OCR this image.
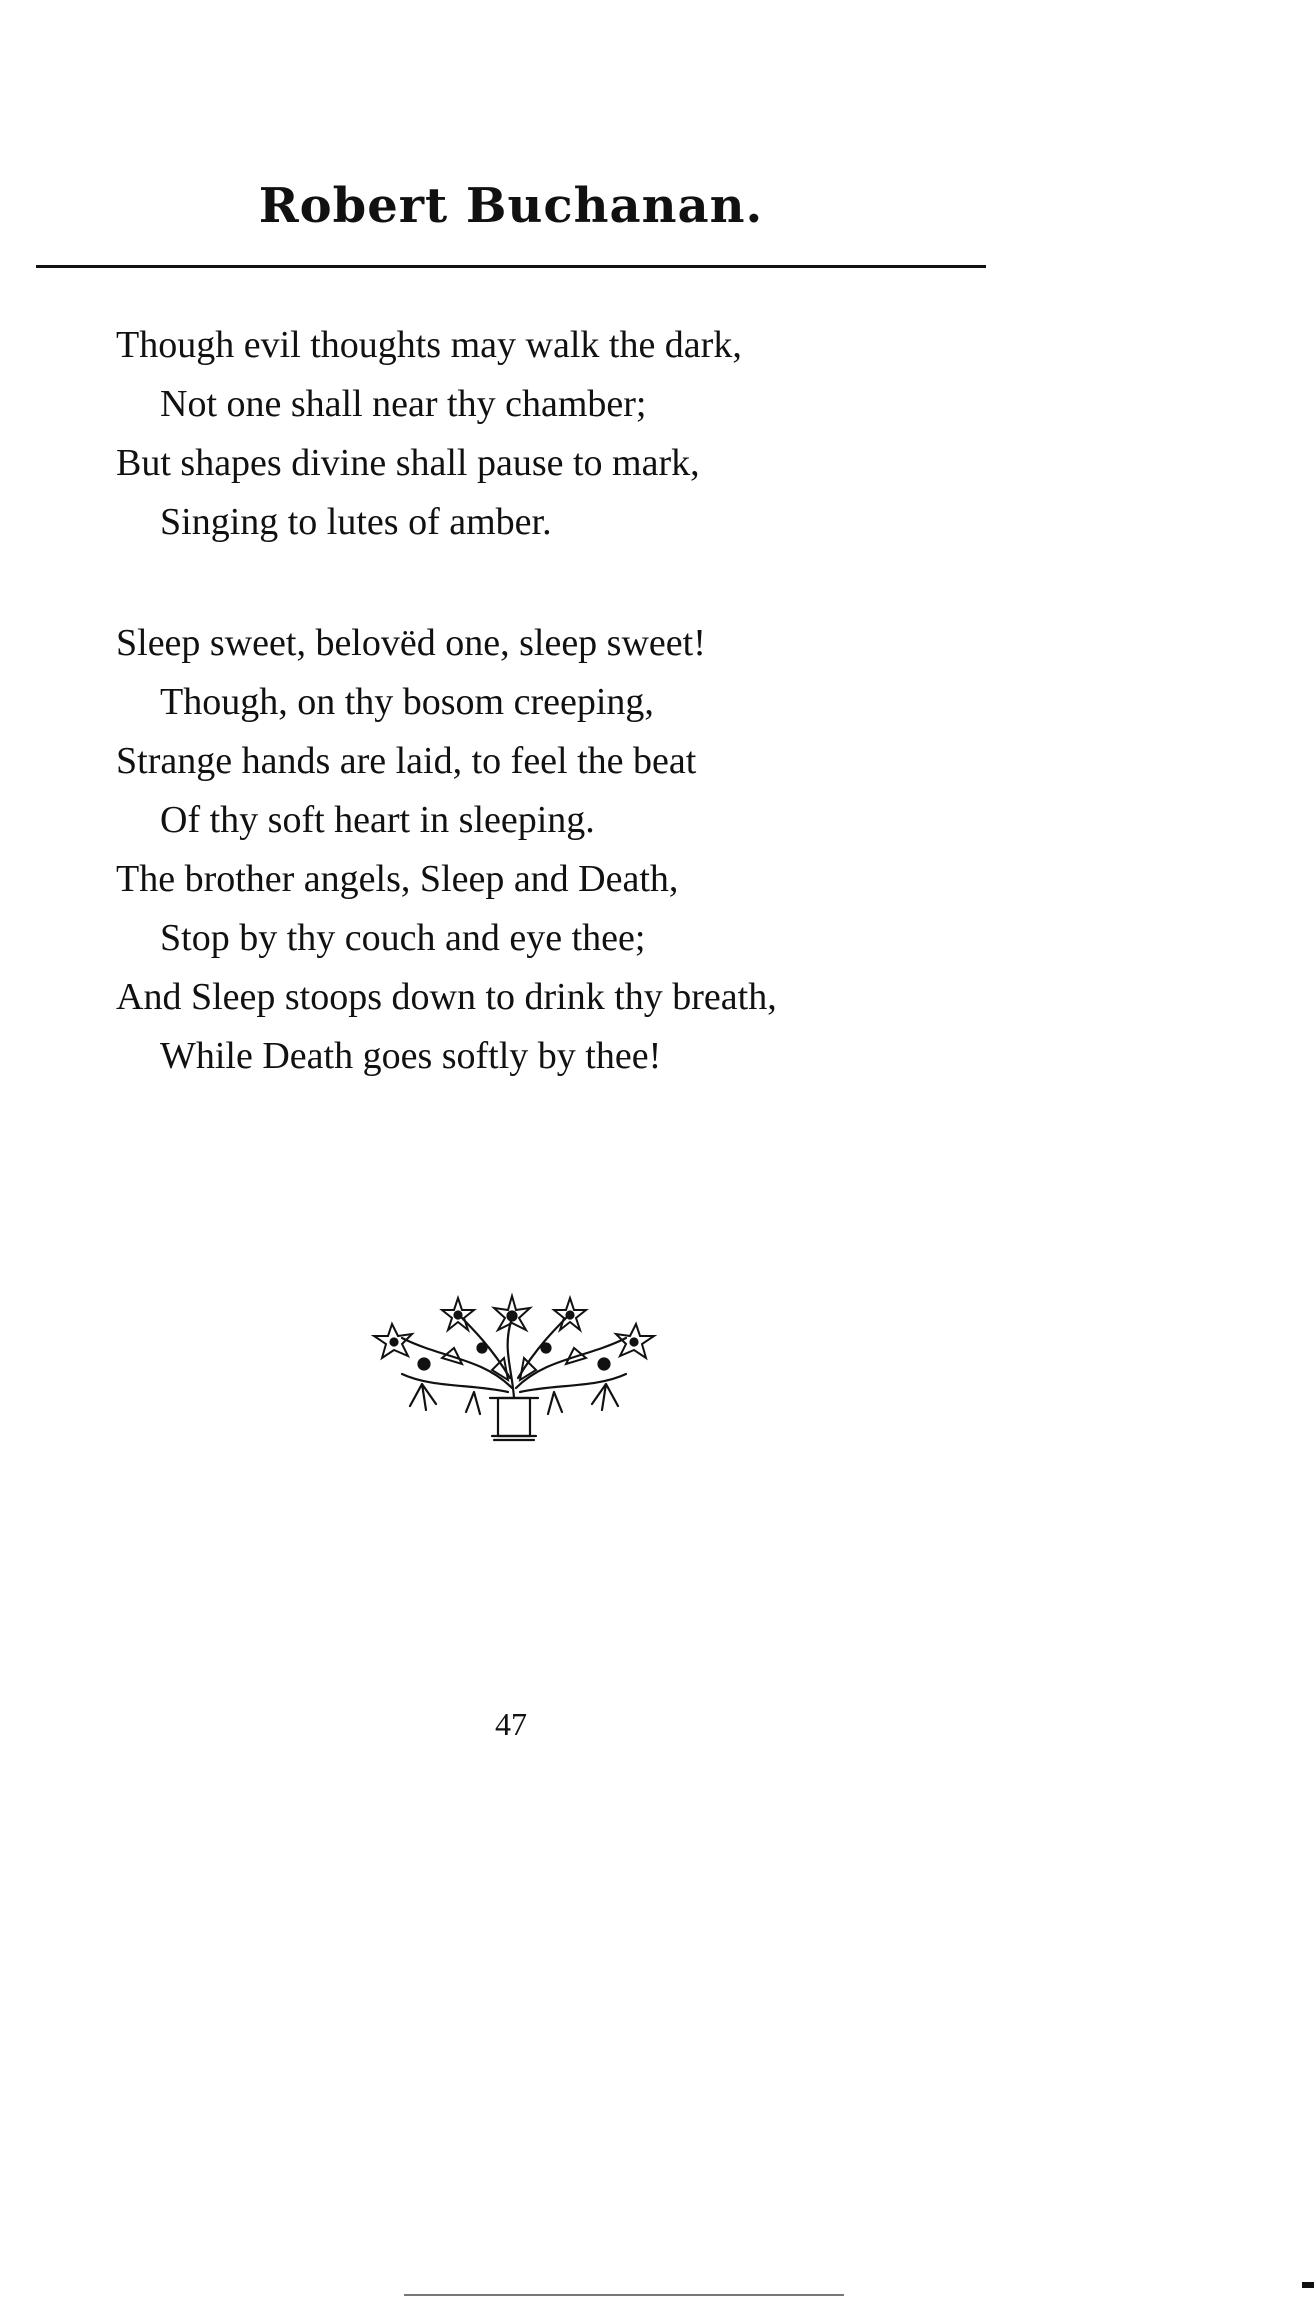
Robert Buchanan.
Though evil thoughts may walk the dark,
Not one shall near thy chamber;
But shapes divine shall pause to mark,
Singing to lutes of amber.
Sleep sweet, belovëd one, sleep sweet!
Though, on thy bosom creeping,
Strange hands are laid, to feel the beat
Of thy soft heart in sleeping.
The brother angels, Sleep and Death,
Stop by thy couch and eye thee;
And Sleep stoops down to drink thy breath,
While Death goes softly by thee!
47
